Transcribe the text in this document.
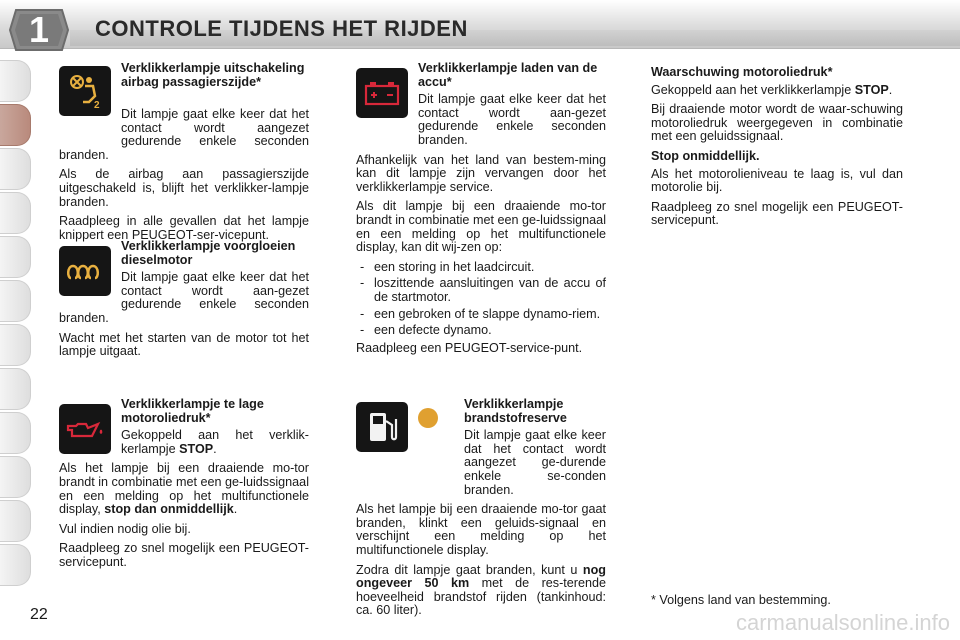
1	CONTROLE TIJDENS HET RIJDEN
2

Verklikkerlampje uitschakeling airbag passagierszijde*

Dit lampje gaat elke keer dat het contact wordt aangezet gedurende enkele seconden branden.

Als de airbag aan passagierszijde uitgeschakeld is, blijft het verklikker-lampje branden.

Raadpleeg in alle gevallen dat het lampje knippert een PEUGEOT-ser-vicepunt.

Verklikkerlampje voorgloeien dieselmotor

Dit lampje gaat elke keer dat het contact wordt aan-gezet gedurende enkele seconden branden.

Wacht met het starten van de motor tot het lampje uitgaat.

Verklikkerlampje te lage motoroliedruk*

Gekoppeld aan het verklik-kerlampje STOP.

Als het lampje bij een draaiende mo-tor brandt in combinatie met een ge-luidssignaal en een melding op het multifunctionele display, stop dan onmiddellijk.

Vul indien nodig olie bij.

Raadpleeg zo snel mogelijk een PEUGEOT-servicepunt.

Verklikkerlampje laden van de accu*

Dit lampje gaat elke keer dat het contact wordt aan-gezet gedurende enkele seconden branden.

Afhankelijk van het land van bestem-ming kan dit lampje zijn vervangen door het verklikkerlampje service.

Als dit lampje bij een draaiende mo-tor brandt in combinatie met een ge-luidssignaal en een melding op het multifunctionele display, kan dit wij-zen op:

- een storing in het laadcircuit.
- loszittende aansluitingen van de accu of de startmotor.
- een gebroken of te slappe dynamo-riem.
- een defecte dynamo.

Raadpleeg een PEUGEOT-service-punt.

Verklikkerlampje brandstofreserve

Dit lampje gaat elke keer dat het contact wordt aangezet ge-durende enkele se-conden branden.

Als het lampje bij een draaiende mo-tor gaat branden, klinkt een geluids-signaal en verschijnt een melding op het multifunctionele display.

Zodra dit lampje gaat branden, kunt u nog ongeveer 50 km met de res-terende hoeveelheid brandstof rijden (tankinhoud: ca. 60 liter).

Waarschuwing motoroliedruk*

Gekoppeld aan het verklikkerlampje STOP.

Bij draaiende motor wordt de waar-schuwing motoroliedruk weergegeven in combinatie met een geluidssignaal.

Stop onmiddellijk.

Als het motorolieniveau te laag is, vul dan motorolie bij.

Raadpleeg zo snel mogelijk een PEUGEOT-servicepunt.

* Volgens land van bestemming.
22	carmanualsonline.info
